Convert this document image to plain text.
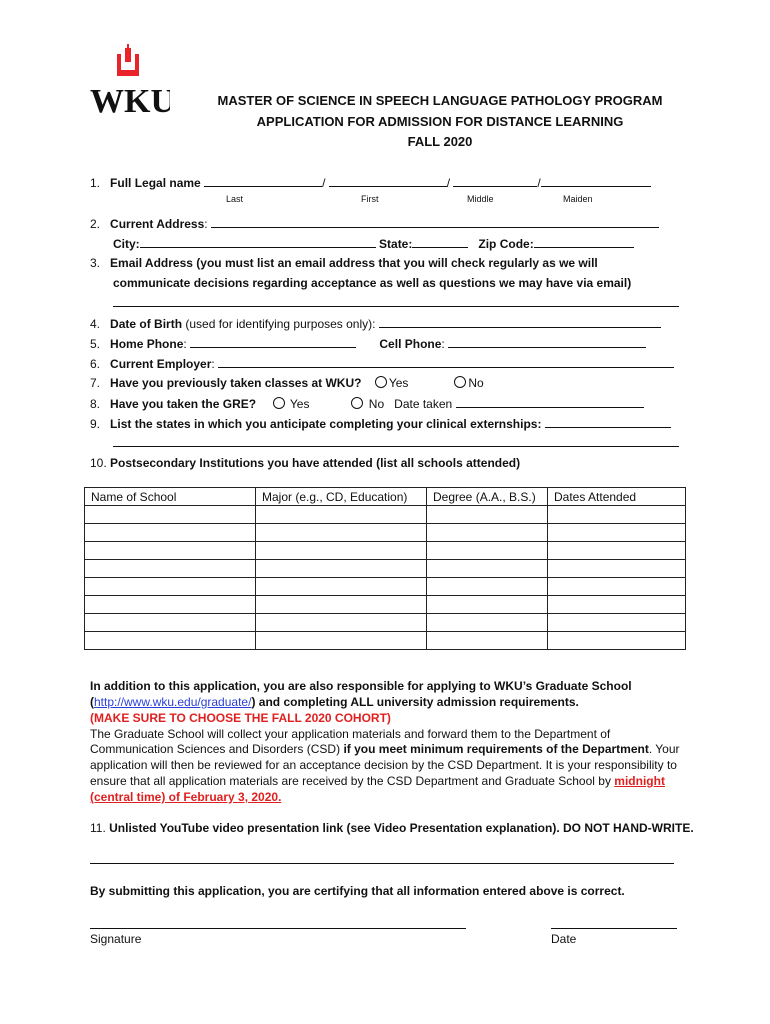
WKU	MASTER OF SCIENCE IN SPEECH LANGUAGE PATHOLOGY PROGRAM
APPLICATION FOR ADMISSION FOR DISTANCE LEARNING
FALL 2020
1. Full Legal name	/	/	/
Last	First	Middle	Maiden
2. Current Address:
City:	State:	Zip Code:
3. Email Address (you must list an email address that you will check regularly as we will
communicate decisions regarding acceptance as well as questions we may have via email)
4. Date of Birth (used for identifying purposes only):
5. Home Phone:	Cell Phone:
6. Current Employer:
7. Have you previously taken classes at WKU? Yes	No
8. Have you taken the GRE?	Yes	No Date taken
9. List the states in which you anticipate completing your clinical externships:
10. Postsecondary Institutions you have attended (list all schools attended)
Name of School	Major (e.g., CD, Education)	Degree (A.A., B.S.)	Dates Attended

In addition to this application, you are also responsible for applying to WKU’s Graduate School
(http://www.wku.edu/graduate/) and completing ALL university admission requirements.
(MAKE SURE TO CHOOSE THE FALL 2020 COHORT)
The Graduate School will collect your application materials and forward them to the Department of
Communication Sciences and Disorders (CSD) if you meet minimum requirements of the Department. Your
application will then be reviewed for an acceptance decision by the CSD Department. It is your responsibility to
ensure that all application materials are received by the CSD Department and Graduate School by midnight
(central time) of February 3, 2020.
11. Unlisted YouTube video presentation link (see Video Presentation explanation). DO NOT HAND-WRITE.
By submitting this application, you are certifying that all information entered above is correct.
Signature	Date
